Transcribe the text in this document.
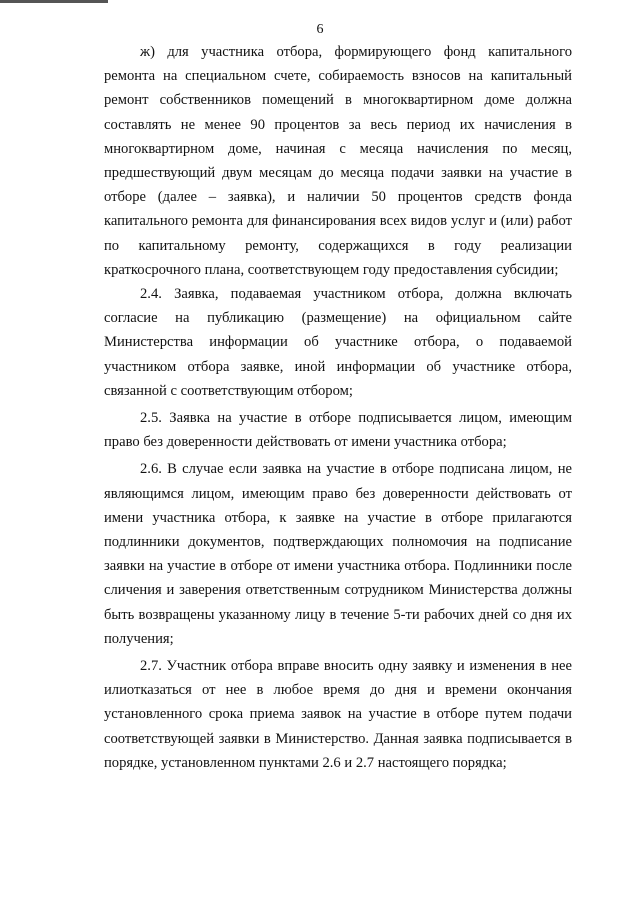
6

ж) для участника отбора, формирующего фонд капитального ремонта на специальном счете, собираемость взносов на капитальный ремонт собственников помещений в многоквартирном доме должна составлять не менее 90 процентов за весь период их начисления в многоквартирном доме, начиная с месяца начисления по месяц, предшествующий двум месяцам до месяца подачи заявки на участие в отборе (далее – заявка), и наличии 50 процентов средств фонда капитального ремонта для финансирования всех видов услуг и (или) работ по капитальному ремонту, содержащихся в году реализации краткосрочного плана, соответствующем году предоставления субсидии;

2.4. Заявка, подаваемая участником отбора, должна включать согласие на публикацию (размещение) на официальном сайте Министерства информации об участнике отбора, о подаваемой участником отбора заявке, иной информации об участнике отбора, связанной с соответствующим отбором;

2.5. Заявка на участие в отборе подписывается лицом, имеющим право без доверенности действовать от имени участника отбора;

2.6. В случае если заявка на участие в отборе подписана лицом, не являющимся лицом, имеющим право без доверенности действовать от имени участника отбора, к заявке на участие в отборе прилагаются подлинники документов, подтверждающих полномочия на подписание заявки на участие в отборе от имени участника отбора. Подлинники после сличения и заверения ответственным сотрудником Министерства должны быть возвращены указанному лицу в течение 5-ти рабочих дней со дня их получения;

2.7. Участник отбора вправе вносить одну заявку и изменения в нее илиотказаться от нее в любое время до дня и времени окончания установленного срока приема заявок на участие в отборе путем подачи соответствующей заявки в Министерство. Данная заявка подписывается в порядке, установленном пунктами 2.6 и 2.7 настоящего порядка;
